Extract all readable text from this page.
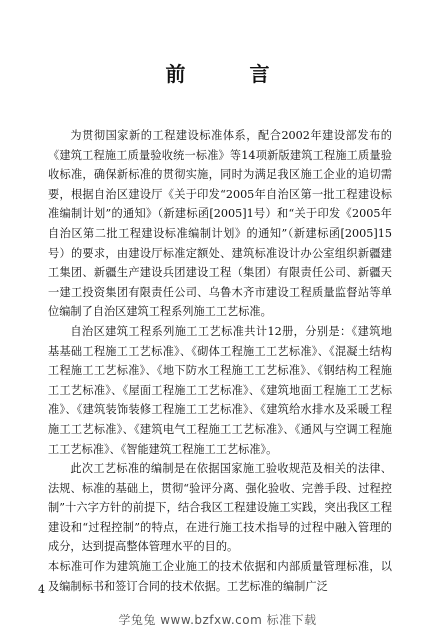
前　言

为贯彻国家新的工程建设标准体系，配合2002年建设部发布的《建筑工程施工质量验收统一标准》等14项新版建筑工程施工质量验收标准，确保新标准的贯彻实施，同时为满足我区施工企业的追切需要，根据自治区建设厅《关于印发“2005年自治区第一批工程建设标准编制计划”的通知》（新建标函[2005]1号）和“关于印发《2005年自治区第二批工程建设标准编制计划》的通知”（新建标函[2005]15号）的要求，由建设厅标准定额处、建筑标准设计办公室组织新疆建工集团、新疆生产建设兵团建设工程（集团）有限责任公司、新疆天一建工投资集团有限责任公司、乌鲁木齐市建设工程质量监督站等单位编制了自治区建筑工程系列施工工艺标准。

自治区建筑工程系列施工工艺标准共计12册，分别是：《建筑地基基础工程施工工艺标准》、《砌体工程施工工艺标准》、《混凝土结构工程施工工艺标准》、《地下防水工程施工工艺标准》、《钢结构工程施工工艺标准》、《屋面工程施工工艺标准》、《建筑地面工程施工工艺标准》、《建筑装饰装修工程施工工艺标准》、《建筑给水排水及采暖工程施工工艺标准》、《建筑电气工程施工工艺标准》、《通风与空调工程施工工艺标准》、《智能建筑工程施工工艺标准》。

此次工艺标准的编制是在依据国家施工验收规范及相关的法律、法规、标准的基础上，贯彻“验评分离、强化验收、完善手段、过程控制”十六字方针的前提下，结合我区工程建设施工实践，突出我区工程建设和“过程控制”的特点，在进行施工技术指导的过程中融入管理的成分，达到提高整体管理水平的目的。

本标准可作为建筑施工企业施工的技术依据和内部质量管理标准，以及编制标书和签订合同的技术依据。工艺标准的编制广泛

4
学兔兔 www.bzfxw.com 标准下载
